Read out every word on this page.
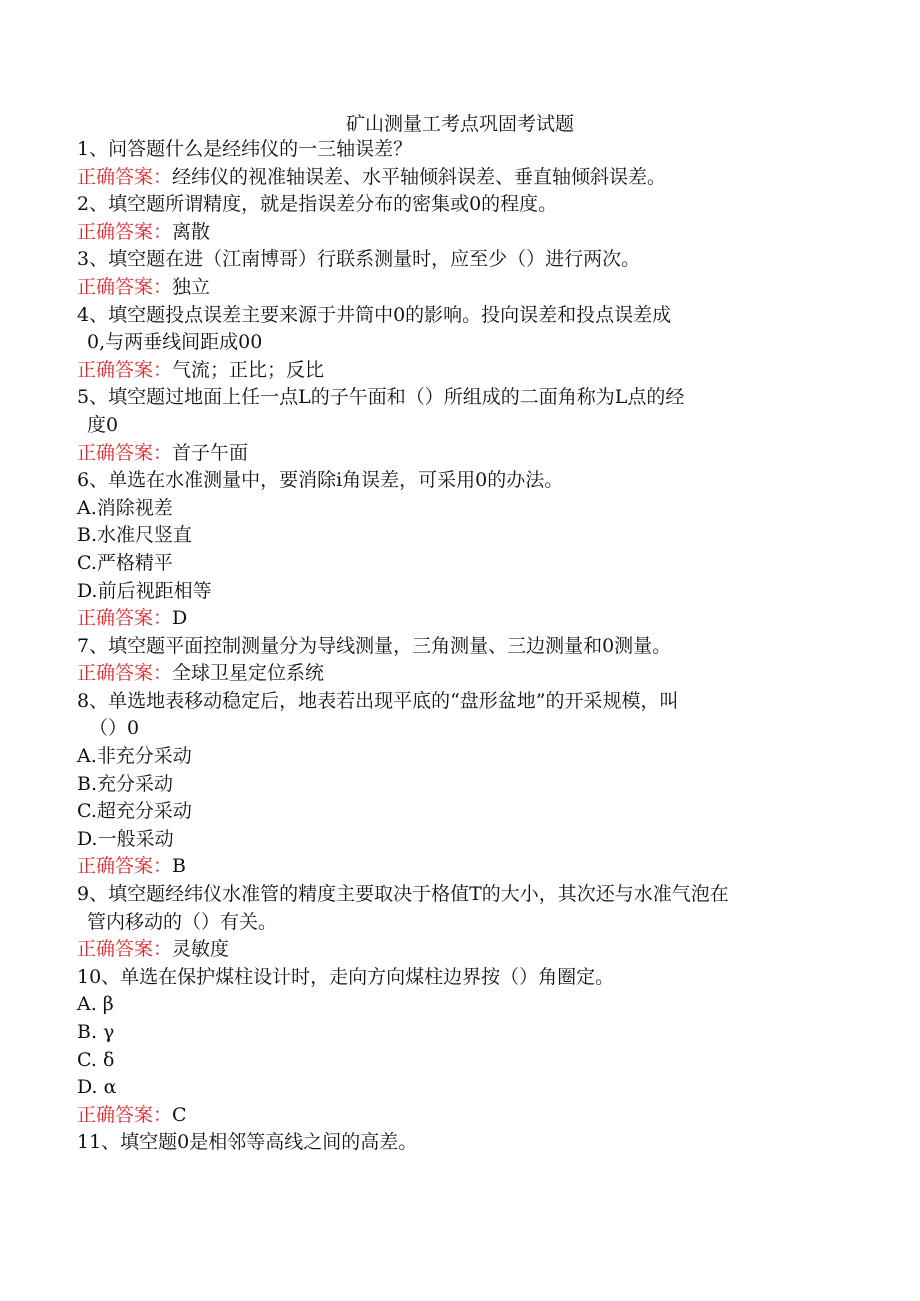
矿山测量工考点巩固考试题
1、问答题什么是经纬仪的一三轴误差？
正确答案：经纬仪的视准轴误差、水平轴倾斜误差、垂直轴倾斜误差。
2、填空题所谓精度，就是指误差分布的密集或0的程度。
正确答案：离散
3、填空题在进（江南博哥）行联系测量时，应至少（）进行两次。
正确答案：独立
4、填空题投点误差主要来源于井筒中0的影响。投向误差和投点误差成
0,与两垂线间距成00
正确答案：气流；正比；反比
5、填空题过地面上任一点L的子午面和（）所组成的二面角称为L点的经
度0
正确答案：首子午面
6、单选在水准测量中，要消除i角误差，可采用0的办法。
A.消除视差
B.水准尺竖直
C.严格精平
D.前后视距相等
正确答案：D
7、填空题平面控制测量分为导线测量，三角测量、三边测量和0测量。
正确答案：全球卫星定位系统
8、单选地表移动稳定后，地表若出现平底的“盘形盆地”的开采规模，叫
（）0
A.非充分采动
B.充分采动
C.超充分采动
D.一般采动
正确答案：B
9、填空题经纬仪水准管的精度主要取决于格值T的大小，其次还与水准气泡在
管内移动的（）有关。
正确答案：灵敏度
10、单选在保护煤柱设计时，走向方向煤柱边界按（）角圈定。
A. β
B. γ
C. δ
D. α
正确答案：C
11、填空题0是相邻等高线之间的高差。
